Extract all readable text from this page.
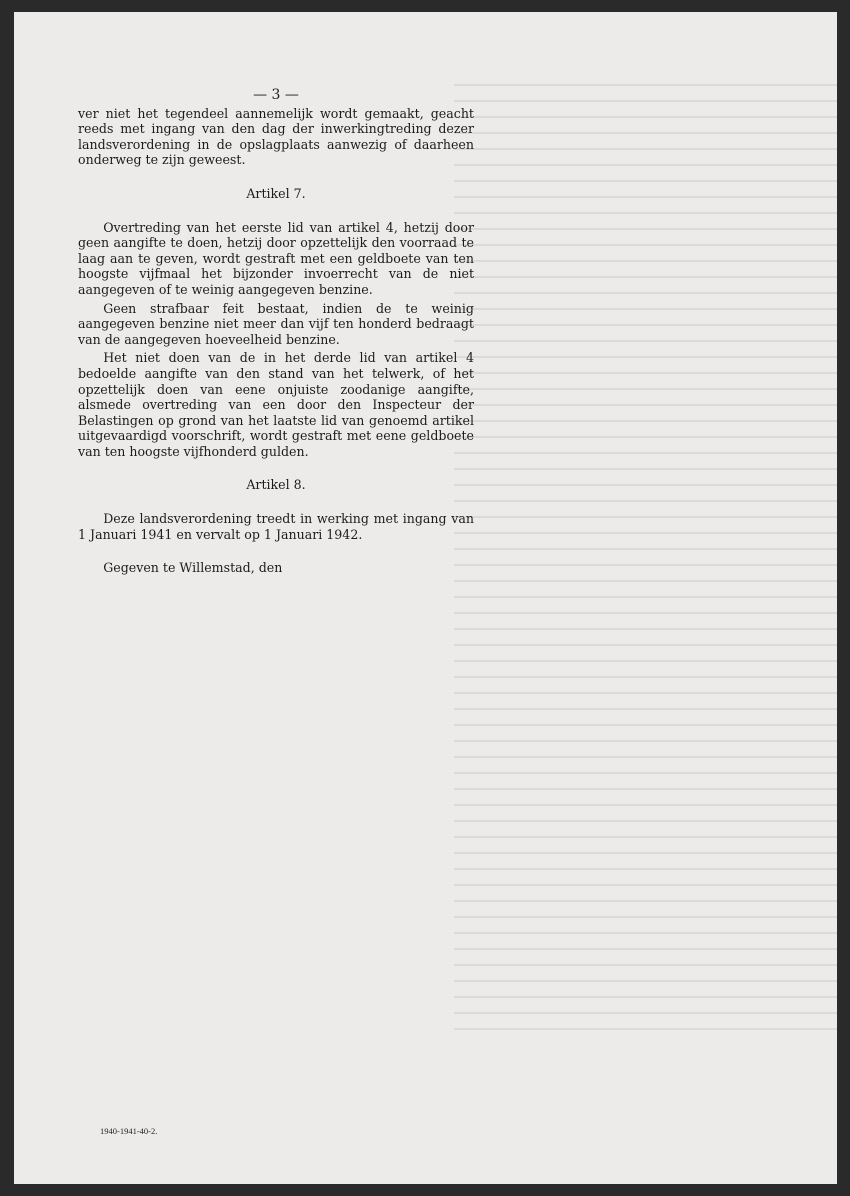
— 3 —

ver niet het tegendeel aannemelijk wordt gemaakt, geacht reeds met ingang van den dag der inwerkingtreding dezer landsverordening in de opslagplaats aanwezig of daarheen onderweg te zijn geweest.

Artikel 7.

Overtreding van het eerste lid van artikel 4, hetzij door geen aangifte te doen, hetzij door opzettelijk den voorraad te laag aan te geven, wordt gestraft met een geldboete van ten hoogste vijfmaal het bijzonder invoerrecht van de niet aangegeven of te weinig aangegeven benzine.

Geen strafbaar feit bestaat, indien de te weinig aangegeven benzine niet meer dan vijf ten honderd bedraagt van de aangegeven hoeveelheid benzine.

Het niet doen van de in het derde lid van artikel 4 bedoelde aangifte van den stand van het telwerk, of het opzettelijk doen van eene onjuiste zoodanige aangifte, alsmede overtreding van een door den Inspecteur der Belastingen op grond van het laatste lid van genoemd artikel uitgevaardigd voorschrift, wordt gestraft met eene geldboete van ten hoogste vijfhonderd gulden.

Artikel 8.

Deze landsverordening treedt in werking met ingang van 1 Januari 1941 en vervalt op 1 Januari 1942.

Gegeven te Willemstad, den

1940-1941-40-2.
